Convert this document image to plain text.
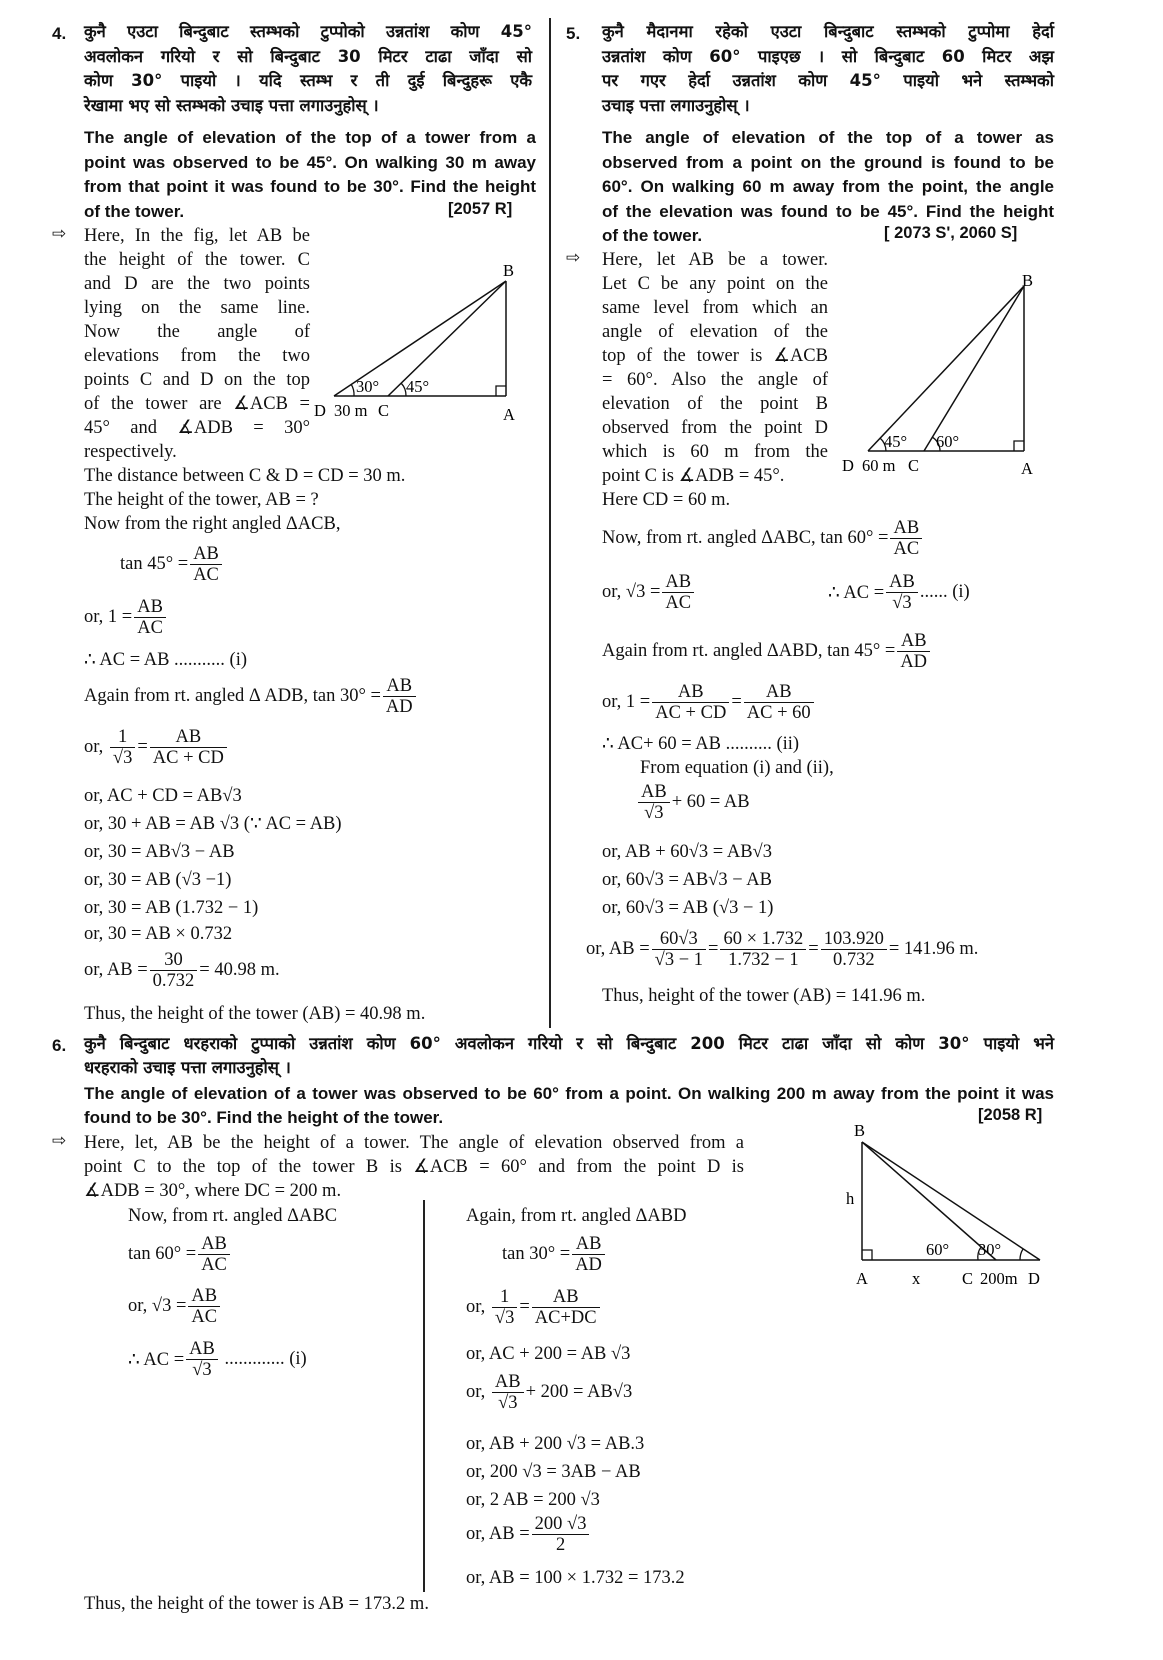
4. कुनै एउटा बिन्दुबाट स्तम्भको टुप्पोको उन्नतांश कोण 45°
अवलोकन गरियो र सो बिन्दुबाट 30 मिटर टाढा जाँदा सो
कोण 30° पाइयो । यदि स्तम्भ र ती दुई बिन्दुहरू एकै
रेखामा भए सो स्तम्भको उचाइ पत्ता लगाउनुहोस् ।
The angle of elevation of the top of a tower from a
point was observed to be 45°. On walking 30 m away
from that point it was found to be 30°. Find the height
of the tower.	[2057 R]
⇨ Here, In the fig, let AB be
the height of the tower. C
and D are the two points
lying on the same line.
Now the angle of
elevations from the two
points C and D on the top
of the tower are ∡ACB =
45° and ∡ADB = 30°
respectively.
30° 45°
B
A
D 30 m C
The distance between C & D = CD = 30 m.
The height of the tower, AB = ?
Now from the right angled ΔACB,
$\tan 45^\circ = \frac{AB}{AC}$
or, $1 = \frac{AB}{AC}$
∴ AC = AB ........... (i)
Again from rt. angled Δ ADB, $\tan 30^\circ = \frac{AB}{AD}$
or,
$\frac{1}{√3} = \frac{AB}{AC + CD}$
or, AC + CD = AB√3
or, 30 + AB = AB √3 (∵ AC = AB)
or, 30 = AB√3 − AB
or, 30 = AB (√3 −1)
or, 30 = AB (1.732 − 1)
or, 30 = AB × 0.732
or, AB = $\frac{30}{0.732} = 40.98$ m.
Thus, the height of the tower (AB) = 40.98 m.
5. कुनै मैदानमा रहेको एउटा बिन्दुबाट स्तम्भको टुप्पोमा हेर्दा
उन्नतांश कोण 60° पाइएछ । सो बिन्दुबाट 60 मिटर अझ
पर गएर हेर्दा उन्नतांश कोण 45° पाइयो भने स्तम्भको
उचाइ पत्ता लगाउनुहोस् ।
The angle of elevation of the top of a tower as
observed from a point on the ground is found to be
60°. On walking 60 m away from the point, the angle
of the elevation was found to be 45°. Find the height
of the tower.	[ 2073 S', 2060 S]
⇨ Here, let AB be a tower.
Let C be any point on the
same level from which an
angle of elevation of the
top of the tower is ∡ACB
= 60°. Also the angle of
elevation of the point B
observed from the point D
which is 60 m from the
point C is ∡ADB = 45°.
Here CD = 60 m.
45° 60°
B
A
D 60 m C
Now, from rt. angled ΔABC, $\tan 60^\circ = \frac{AB}{AC}$
or, $√3 = \frac{AB}{AC}$	∴ AC = $\frac{AB}{√3}$ ...... (i)
Again from rt. angled ΔABD, $\tan 45^\circ = \frac{AB}{AD}$
or, $1 = \frac{AB}{AC + CD} = \frac{AB}{AC + 60}$
∴ AC+ 60 = AB .......... (ii)
From equation (i) and (ii),
$\frac{AB}{√3} + 60$ = AB
or, AB + 60√3 = AB√3
or, 60√3 = AB√3 − AB
or, 60√3 = AB (√3 − 1)
or, AB
= $\frac{60√3}{√3 - 1} = \frac{60 \times 1.732}{1.732 - 1} = \frac{103.920}{0.732} = 141.96$ m.
Thus, height of the tower (AB) = 141.96 m.
6. कुनै बिन्दुबाट धरहराको टुप्पाको उन्नतांश कोण 60° अवलोकन गरियो र सो बिन्दुबाट 200 मिटर टाढा जाँदा सो कोण 30° पाइयो भने
धरहराको उचाइ पत्ता लगाउनुहोस् ।
The angle of elevation of a tower was observed to be 60° from a point. On walking 200 m away from the point it was
found to be 30°. Find the height of the tower.	[2058 R]
⇨ Here, let, AB be the height of a tower. The angle of elevation observed from a
point C to the top of the tower B is ∡ACB = 60° and from the point D is
∡ADB = 30°, where DC = 200 m.
60° 30°
B
h
A	x	C 200m D
Now, from rt. angled ΔABC
$\tan 60^\circ = \frac{AB}{AC}$
or, $√3 = \frac{AB}{AC}$
∴ AC = $\frac{AB}{√3}$
............. (i)
Again, from rt. angled ΔABD
$\tan 30^\circ = \frac{AB}{AD}$
or,
$\frac{1}{√3} = \frac{AB}{AC+DC}$
or, AC + 200 = AB √3
or,
$\frac{AB}{√3} + 200 = AB√3$
or, AB + 200 √3 = AB.3
or, 200 √3 = 3AB − AB
or, 2 AB = 200 √3
or, AB = $\frac{200 √3}{2}$
or, AB = 100 × 1.732 = 173.2
Thus, the height of the tower is AB = 173.2 m.
